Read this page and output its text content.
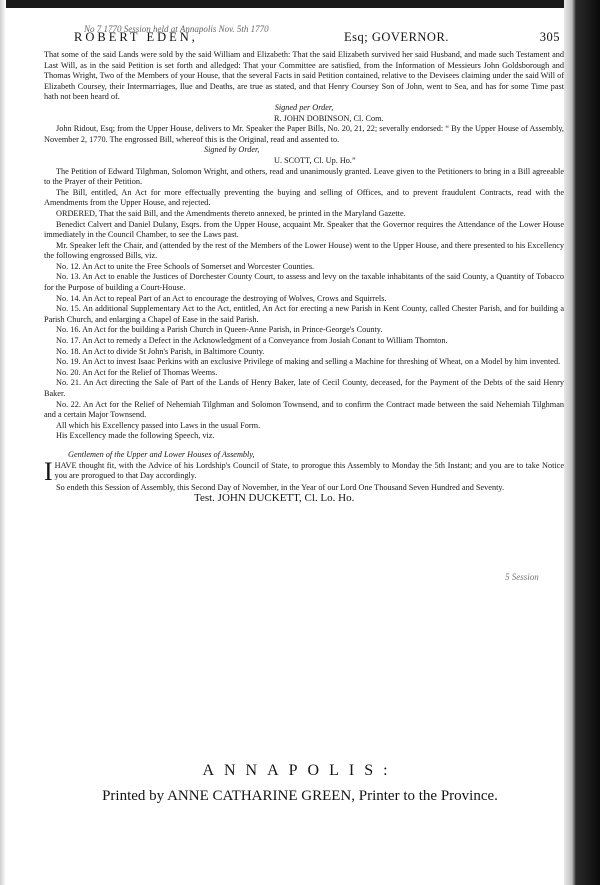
No 7 1770 Session held at Annapolis Nov. 5th 1770
ROBERT EDEN,	Esq; GOVERNOR.	305

That some of the said Lands were sold by the said William and Elizabeth: That the said Elizabeth survived her said Husband, and made such Testament and Last Will, as in the said Petition is set forth and alledged: That your Committee are satisfied, from the Information of Messieurs John Goldsborough and Thomas Wright, Two of the Members of your House, that the several Facts in said Petition contained, relative to the Devisees claiming under the said Will of Elizabeth Coursey, their Intermarriages, Ilue and Deaths, are true as stated, and that Henry Coursey Son of John, went to Sea, and has for some Time past hath not been heard of.

Signed per Order,

R. JOHN DOBINSON, Cl. Com.

John Ridout, Esq; from the Upper House, delivers to Mr. Speaker the Paper Bills, No. 20, 21, 22; severally endorsed: “ By the Upper House of Assembly, November 2, 1770. The engrossed Bill, whereof this is the Original, read and assented to.

Signed by Order,

U. SCOTT, Cl. Up. Ho.”

The Petition of Edward Tilghman, Solomon Wright, and others, read and unanimously granted. Leave given to the Petitioners to bring in a Bill agreeable to the Prayer of their Petition.

The Bill, entitled, An Act for more effectually preventing the buying and selling of Offices, and to prevent fraudulent Contracts, read with the Amendments from the Upper House, and rejected.

ORDERED, That the said Bill, and the Amendments thereto annexed, be printed in the Maryland Gazette.

Benedict Calvert and Daniel Dulany, Esqrs. from the Upper House, acquaint Mr. Speaker that the Governor requires the Attendance of the Lower House immediately in the Council Chamber, to see the Laws past.

Mr. Speaker left the Chair, and (attended by the rest of the Members of the Lower House) went to the Upper House, and there presented to his Excellency the following engrossed Bills, viz.

No. 12. An Act to unite the Free Schools of Somerset and Worcester Counties.

No. 13. An Act to enable the Justices of Dorchester County Court, to assess and levy on the taxable inhabitants of the said County, a Quantity of Tobacco for the Purpose of building a Court-House.

No. 14. An Act to repeal Part of an Act to encourage the destroying of Wolves, Crows and Squirrels.

No. 15. An additional Supplementary Act to the Act, entitled, An Act for erecting a new Parish in Kent County, called Chester Parish, and for building a Parish Church, and enlarging a Chapel of Ease in the said Parish.

No. 16. An Act for the building a Parish Church in Queen-Anne Parish, in Prince-George's County.

No. 17. An Act to remedy a Defect in the Acknowledgment of a Conveyance from Josiah Conant to William Thornton.

No. 18. An Act to divide St John's Parish, in Baltimore County.

No. 19. An Act to invest Isaac Perkins with an exclusive Privilege of making and selling a Machine for threshing of Wheat, on a Model by him invented.

No. 20. An Act for the Relief of Thomas Weems.

No. 21. An Act directing the Sale of Part of the Lands of Henry Baker, late of Cecil County, deceased, for the Payment of the Debts of the said Henry Baker.

No. 22. An Act for the Relief of Nehemiah Tilghman and Solomon Townsend, and to confirm the Contract made between the said Nehemiah Tilghman and a certain Major Townsend.

All which his Excellency passed into Laws in the usual Form.

His Excellency made the following Speech, viz.

Gentlemen of the Upper and Lower Houses of Assembly,

IHAVE thought fit, with the Advice of his Lordship's Council of State, to prorogue this Assembly to Monday the 5th Instant; and you are to take Notice you are prorogued to that Day accordingly.

So endeth this Session of Assembly, this Second Day of November, in the Year of our Lord One Thousand Seven Hundred and Seventy.

Test. JOHN DUCKETT, Cl. Lo. Ho.

5 Session
ANNAPOLIS:
Printed by ANNE CATHARINE GREEN, Printer to the Province.
